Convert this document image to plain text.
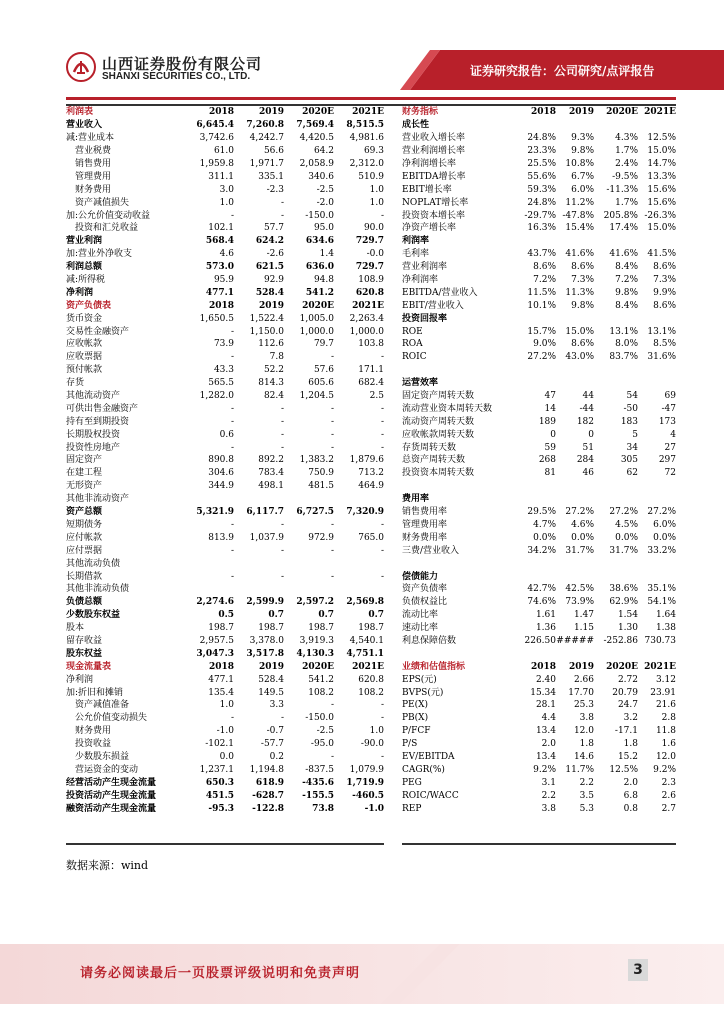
山西证券股份有限公司
SHANXI SECURITIES CO., LTD.	证券研究报告：公司研究/点评报告
利润表	2018	2019	2020E	2021E
营业收入	6,645.4	7,260.8	7,569.4	8,515.5
减:营业成本	3,742.6	4,242.7	4,420.5	4,981.6
　营业税费	61.0	56.6	64.2	69.3
　销售费用	1,959.8	1,971.7	2,058.9	2,312.0
　管理费用	311.1	335.1	340.6	510.9
　财务费用	3.0	-2.3	-2.5	1.0
　资产减值损失	1.0	-	-2.0	1.0
加:公允价值变动收益	-	-	-150.0	-
　投资和汇兑收益	102.1	57.7	95.0	90.0
营业利润	568.4	624.2	634.6	729.7
加:营业外净收支	4.6	-2.6	1.4	-0.0
利润总额	573.0	621.5	636.0	729.7
减:所得税	95.9	92.9	94.8	108.9
净利润	477.1	528.4	541.2	620.8
资产负债表	2018	2019	2020E	2021E
货币资金	1,650.5	1,522.4	1,005.0	2,263.4
交易性金融资产	-	1,150.0	1,000.0	1,000.0
应收帐款	73.9	112.6	79.7	103.8
应收票据	-	7.8	-	-
预付帐款	43.3	52.2	57.6	171.1
存货	565.5	814.3	605.6	682.4
其他流动资产	1,282.0	82.4	1,204.5	2.5
可供出售金融资产	-	-	-	-
持有至到期投资	-	-	-	-
长期股权投资	0.6	-	-	-
投资性房地产	-	-	-	-
固定资产	890.8	892.2	1,383.2	1,879.6
在建工程	304.6	783.4	750.9	713.2
无形资产	344.9	498.1	481.5	464.9
其他非流动资产				
资产总额	5,321.9	6,117.7	6,727.5	7,320.9
短期债务	-	-	-	-
应付帐款	813.9	1,037.9	972.9	765.0
应付票据	-	-	-	-
其他流动负债				
长期借款	-	-	-	-
其他非流动负债				
负债总额	2,274.6	2,599.9	2,597.2	2,569.8
少数股东权益	0.5	0.7	0.7	0.7
股本	198.7	198.7	198.7	198.7
留存收益	2,957.5	3,378.0	3,919.3	4,540.1
股东权益	3,047.3	3,517.8	4,130.3	4,751.1
现金流量表	2018	2019	2020E	2021E
净利润	477.1	528.4	541.2	620.8
加:折旧和摊销	135.4	149.5	108.2	108.2
　资产减值准备	1.0	3.3	-	-
　公允价值变动损失	-	-	-150.0	-
　财务费用	-1.0	-0.7	-2.5	1.0
　投资收益	-102.1	-57.7	-95.0	-90.0
　少数股东损益	0.0	0.2	-	-
　营运资金的变动	1,237.1	1,194.8	-837.5	1,079.9
经营活动产生现金流量	650.3	618.9	-435.6	1,719.9
投资活动产生现金流量	451.5	-628.7	-155.5	-460.5
融资活动产生现金流量	-95.3	-122.8	73.8	-1.0
财务指标	2018	2019	2020E	2021E
成长性				
营业收入增长率	24.8%	9.3%	4.3%	12.5%
营业利润增长率	23.3%	9.8%	1.7%	15.0%
净利润增长率	25.5%	10.8%	2.4%	14.7%
EBITDA增长率	55.6%	6.7%	-9.5%	13.3%
EBIT增长率	59.3%	6.0%	-11.3%	15.6%
NOPLAT增长率	24.8%	11.2%	1.7%	15.6%
投资资本增长率	-29.7%	-47.8%	205.8%	-26.3%
净资产增长率	16.3%	15.4%	17.4%	15.0%
利润率				
毛利率	43.7%	41.6%	41.6%	41.5%
营业利润率	8.6%	8.6%	8.4%	8.6%
净利润率	7.2%	7.3%	7.2%	7.3%
EBITDA/营业收入	11.5%	11.3%	9.8%	9.9%
EBIT/营业收入	10.1%	9.8%	8.4%	8.6%
投资回报率				
ROE	15.7%	15.0%	13.1%	13.1%
ROA	9.0%	8.6%	8.0%	8.5%
ROIC	27.2%	43.0%	83.7%	31.6%

运营效率				
固定资产周转天数	47	44	54	69
流动营业资本周转天数	14	-44	-50	-47
流动资产周转天数	189	182	183	173
应收帐款周转天数	0	0	5	4
存货周转天数	59	51	34	27
总资产周转天数	268	284	305	297
投资资本周转天数	81	46	62	72

费用率				
销售费用率	29.5%	27.2%	27.2%	27.2%
管理费用率	4.7%	4.6%	4.5%	6.0%
财务费用率	0.0%	0.0%	0.0%	0.0%
三费/营业收入	34.2%	31.7%	31.7%	33.2%

偿债能力				
资产负债率	42.7%	42.5%	38.6%	35.1%
负债权益比	74.6%	73.9%	62.9%	54.1%
流动比率	1.61	1.47	1.54	1.64
速动比率	1.36	1.15	1.30	1.38
利息保障倍数	226.50	#####	-252.86	730.73

业绩和估值指标	2018	2019	2020E	2021E
EPS(元)	2.40	2.66	2.72	3.12
BVPS(元)	15.34	17.70	20.79	23.91
PE(X)	28.1	25.3	24.7	21.6
PB(X)	4.4	3.8	3.2	2.8
P/FCF	13.4	12.0	-17.1	11.8
P/S	2.0	1.8	1.8	1.6
EV/EBITDA	13.4	14.6	15.2	12.0
CAGR(%)	9.2%	11.7%	12.5%	9.2%
PEG	3.1	2.2	2.0	2.3
ROIC/WACC	2.2	3.5	6.8	2.6
REP	3.8	5.3	0.8	2.7
数据来源：wind
请务必阅读最后一页股票评级说明和免责声明	3
